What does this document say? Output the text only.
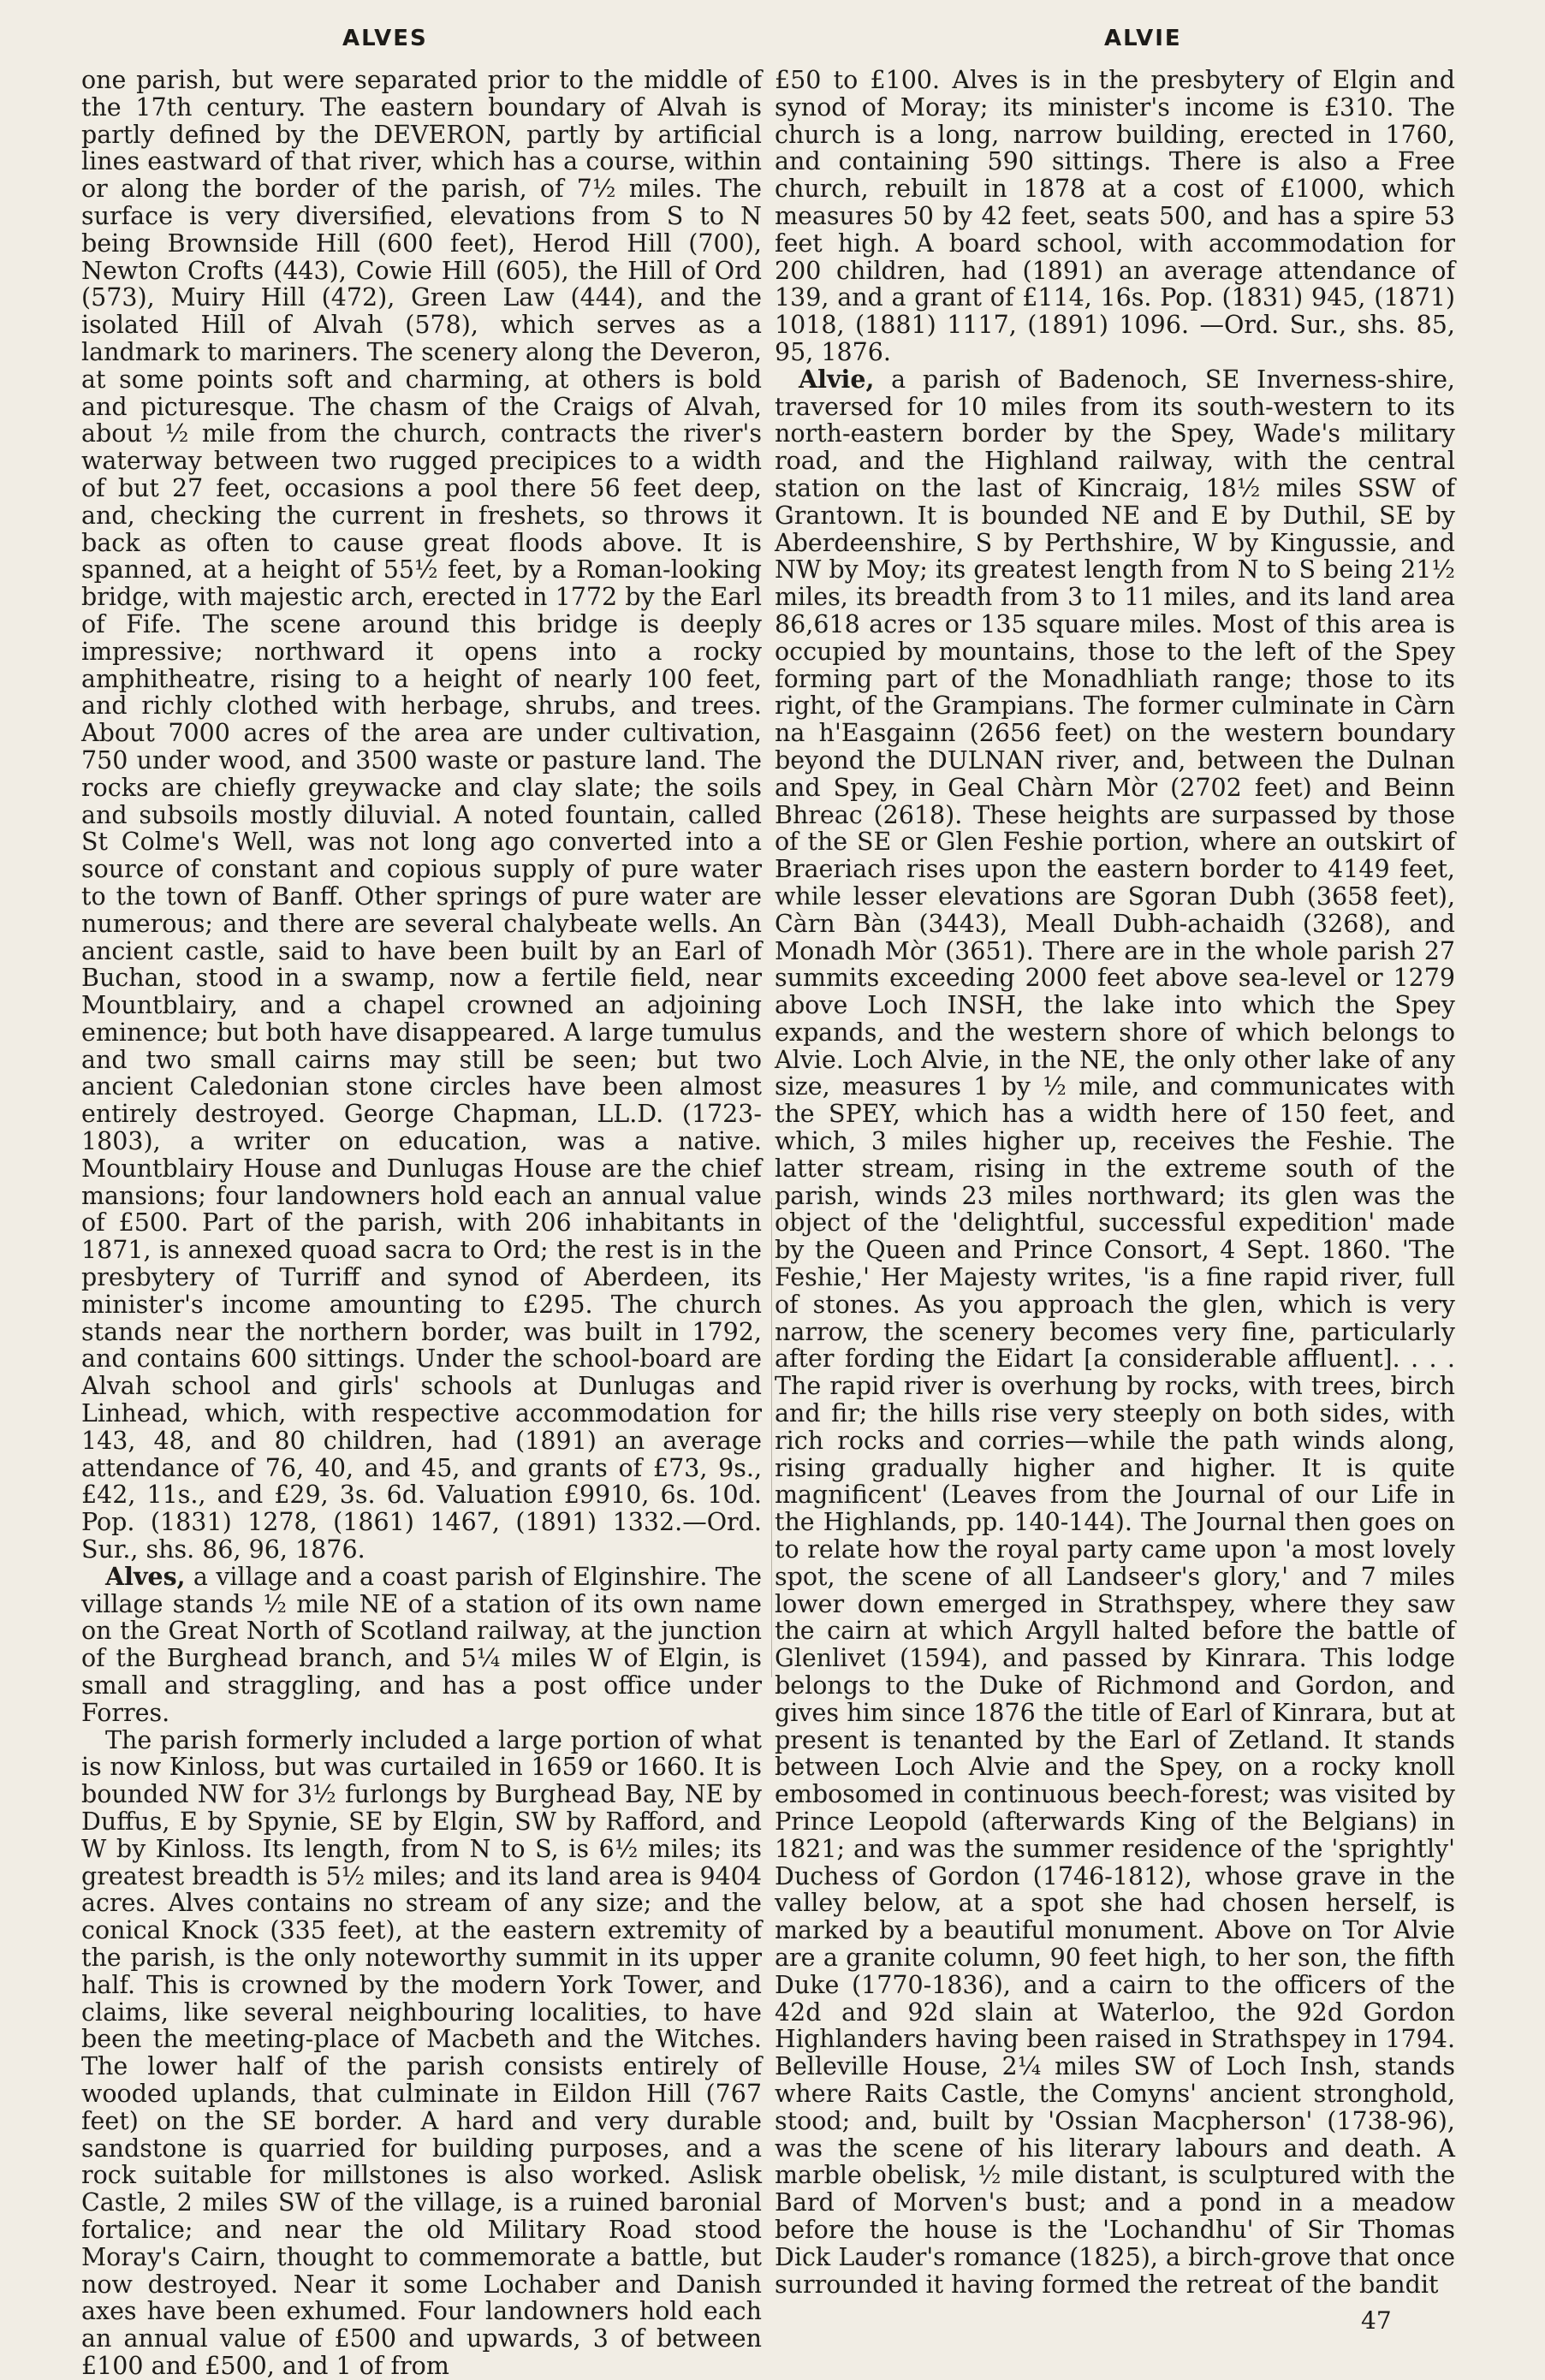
ALVES	ALVIE

one parish, but were separated prior to the middle of the 17th century. The eastern boundary of Alvah is partly defined by the DEVERON, partly by artificial lines eastward of that river, which has a course, within or along the border of the parish, of 7½ miles. The surface is very diversified, elevations from S to N being Brownside Hill (600 feet), Herod Hill (700), Newton Crofts (443), Cowie Hill (605), the Hill of Ord (573), Muiry Hill (472), Green Law (444), and the isolated Hill of Alvah (578), which serves as a landmark to mariners. The scenery along the Deveron, at some points soft and charming, at others is bold and picturesque. The chasm of the Craigs of Alvah, about ½ mile from the church, contracts the river's waterway between two rugged precipices to a width of but 27 feet, occasions a pool there 56 feet deep, and, checking the current in freshets, so throws it back as often to cause great floods above. It is spanned, at a height of 55½ feet, by a Roman-looking bridge, with majestic arch, erected in 1772 by the Earl of Fife. The scene around this bridge is deeply impressive; northward it opens into a rocky amphitheatre, rising to a height of nearly 100 feet, and richly clothed with herbage, shrubs, and trees. About 7000 acres of the area are under cultivation, 750 under wood, and 3500 waste or pasture land. The rocks are chiefly greywacke and clay slate; the soils and subsoils mostly diluvial. A noted fountain, called St Colme's Well, was not long ago converted into a source of constant and copious supply of pure water to the town of Banff. Other springs of pure water are numerous; and there are several chalybeate wells. An ancient castle, said to have been built by an Earl of Buchan, stood in a swamp, now a fertile field, near Mountblairy, and a chapel crowned an adjoining eminence; but both have disappeared. A large tumulus and two small cairns may still be seen; but two ancient Caledonian stone circles have been almost entirely destroyed. George Chapman, LL.D. (1723-1803), a writer on education, was a native. Mountblairy House and Dunlugas House are the chief mansions; four landowners hold each an annual value of £500. Part of the parish, with 206 inhabitants in 1871, is annexed quoad sacra to Ord; the rest is in the presbytery of Turriff and synod of Aberdeen, its minister's income amounting to £295. The church stands near the northern border, was built in 1792, and contains 600 sittings. Under the school-board are Alvah school and girls' schools at Dunlugas and Linhead, which, with respective accommodation for 143, 48, and 80 children, had (1891) an average attendance of 76, 40, and 45, and grants of £73, 9s., £42, 11s., and £29, 3s. 6d. Valuation £9910, 6s. 10d. Pop. (1831) 1278, (1861) 1467, (1891) 1332.—Ord. Sur., shs. 86, 96, 1876.

Alves, a village and a coast parish of Elginshire. The village stands ½ mile NE of a station of its own name on the Great North of Scotland railway, at the junction of the Burghead branch, and 5¼ miles W of Elgin, is small and straggling, and has a post office under Forres.

The parish formerly included a large portion of what is now Kinloss, but was curtailed in 1659 or 1660. It is bounded NW for 3½ furlongs by Burghead Bay, NE by Duffus, E by Spynie, SE by Elgin, SW by Rafford, and W by Kinloss. Its length, from N to S, is 6½ miles; its greatest breadth is 5½ miles; and its land area is 9404 acres. Alves contains no stream of any size; and the conical Knock (335 feet), at the eastern extremity of the parish, is the only noteworthy summit in its upper half. This is crowned by the modern York Tower, and claims, like several neighbouring localities, to have been the meeting-place of Macbeth and the Witches. The lower half of the parish consists entirely of wooded uplands, that culminate in Eildon Hill (767 feet) on the SE border. A hard and very durable sandstone is quarried for building purposes, and a rock suitable for millstones is also worked. Aslisk Castle, 2 miles SW of the village, is a ruined baronial fortalice; and near the old Military Road stood Moray's Cairn, thought to commemorate a battle, but now destroyed. Near it some Lochaber and Danish axes have been exhumed. Four landowners hold each an annual value of £500 and upwards, 3 of between £100 and £500, and 1 of from

£50 to £100. Alves is in the presbytery of Elgin and synod of Moray; its minister's income is £310. The church is a long, narrow building, erected in 1760, and containing 590 sittings. There is also a Free church, rebuilt in 1878 at a cost of £1000, which measures 50 by 42 feet, seats 500, and has a spire 53 feet high. A board school, with accommodation for 200 children, had (1891) an average attendance of 139, and a grant of £114, 16s. Pop. (1831) 945, (1871) 1018, (1881) 1117, (1891) 1096. —Ord. Sur., shs. 85, 95, 1876.

Alvie, a parish of Badenoch, SE Inverness-shire, traversed for 10 miles from its south-western to its north-eastern border by the Spey, Wade's military road, and the Highland railway, with the central station on the last of Kincraig, 18½ miles SSW of Grantown. It is bounded NE and E by Duthil, SE by Aberdeenshire, S by Perthshire, W by Kingussie, and NW by Moy; its greatest length from N to S being 21½ miles, its breadth from 3 to 11 miles, and its land area 86,618 acres or 135 square miles. Most of this area is occupied by mountains, those to the left of the Spey forming part of the Monadhliath range; those to its right, of the Grampians. The former culminate in Càrn na h'Easgainn (2656 feet) on the western boundary beyond the DULNAN river, and, between the Dulnan and Spey, in Geal Chàrn Mòr (2702 feet) and Beinn Bhreac (2618). These heights are surpassed by those of the SE or Glen Feshie portion, where an outskirt of Braeriach rises upon the eastern border to 4149 feet, while lesser elevations are Sgoran Dubh (3658 feet), Càrn Bàn (3443), Meall Dubh-achaidh (3268), and Monadh Mòr (3651). There are in the whole parish 27 summits exceeding 2000 feet above sea-level or 1279 above Loch INSH, the lake into which the Spey expands, and the western shore of which belongs to Alvie. Loch Alvie, in the NE, the only other lake of any size, measures 1 by ½ mile, and communicates with the SPEY, which has a width here of 150 feet, and which, 3 miles higher up, receives the Feshie. The latter stream, rising in the extreme south of the parish, winds 23 miles northward; its glen was the object of the 'delightful, successful expedition' made by the Queen and Prince Consort, 4 Sept. 1860. 'The Feshie,' Her Majesty writes, 'is a fine rapid river, full of stones. As you approach the glen, which is very narrow, the scenery becomes very fine, particularly after fording the Eidart [a considerable affluent]. . . . The rapid river is overhung by rocks, with trees, birch and fir; the hills rise very steeply on both sides, with rich rocks and corries—while the path winds along, rising gradually higher and higher. It is quite magnificent' (Leaves from the Journal of our Life in the Highlands, pp. 140-144). The Journal then goes on to relate how the royal party came upon 'a most lovely spot, the scene of all Landseer's glory,' and 7 miles lower down emerged in Strathspey, where they saw the cairn at which Argyll halted before the battle of Glenlivet (1594), and passed by Kinrara. This lodge belongs to the Duke of Richmond and Gordon, and gives him since 1876 the title of Earl of Kinrara, but at present is tenanted by the Earl of Zetland. It stands between Loch Alvie and the Spey, on a rocky knoll embosomed in continuous beech-forest; was visited by Prince Leopold (afterwards King of the Belgians) in 1821; and was the summer residence of the 'sprightly' Duchess of Gordon (1746-1812), whose grave in the valley below, at a spot she had chosen herself, is marked by a beautiful monument. Above on Tor Alvie are a granite column, 90 feet high, to her son, the fifth Duke (1770-1836), and a cairn to the officers of the 42d and 92d slain at Waterloo, the 92d Gordon Highlanders having been raised in Strathspey in 1794. Belleville House, 2¼ miles SW of Loch Insh, stands where Raits Castle, the Comyns' ancient stronghold, stood; and, built by 'Ossian Macpherson' (1738-96), was the scene of his literary labours and death. A marble obelisk, ½ mile distant, is sculptured with the Bard of Morven's bust; and a pond in a meadow before the house is the 'Lochandhu' of Sir Thomas Dick Lauder's romance (1825), a birch-grove that once surrounded it having formed the retreat of the bandit

47
